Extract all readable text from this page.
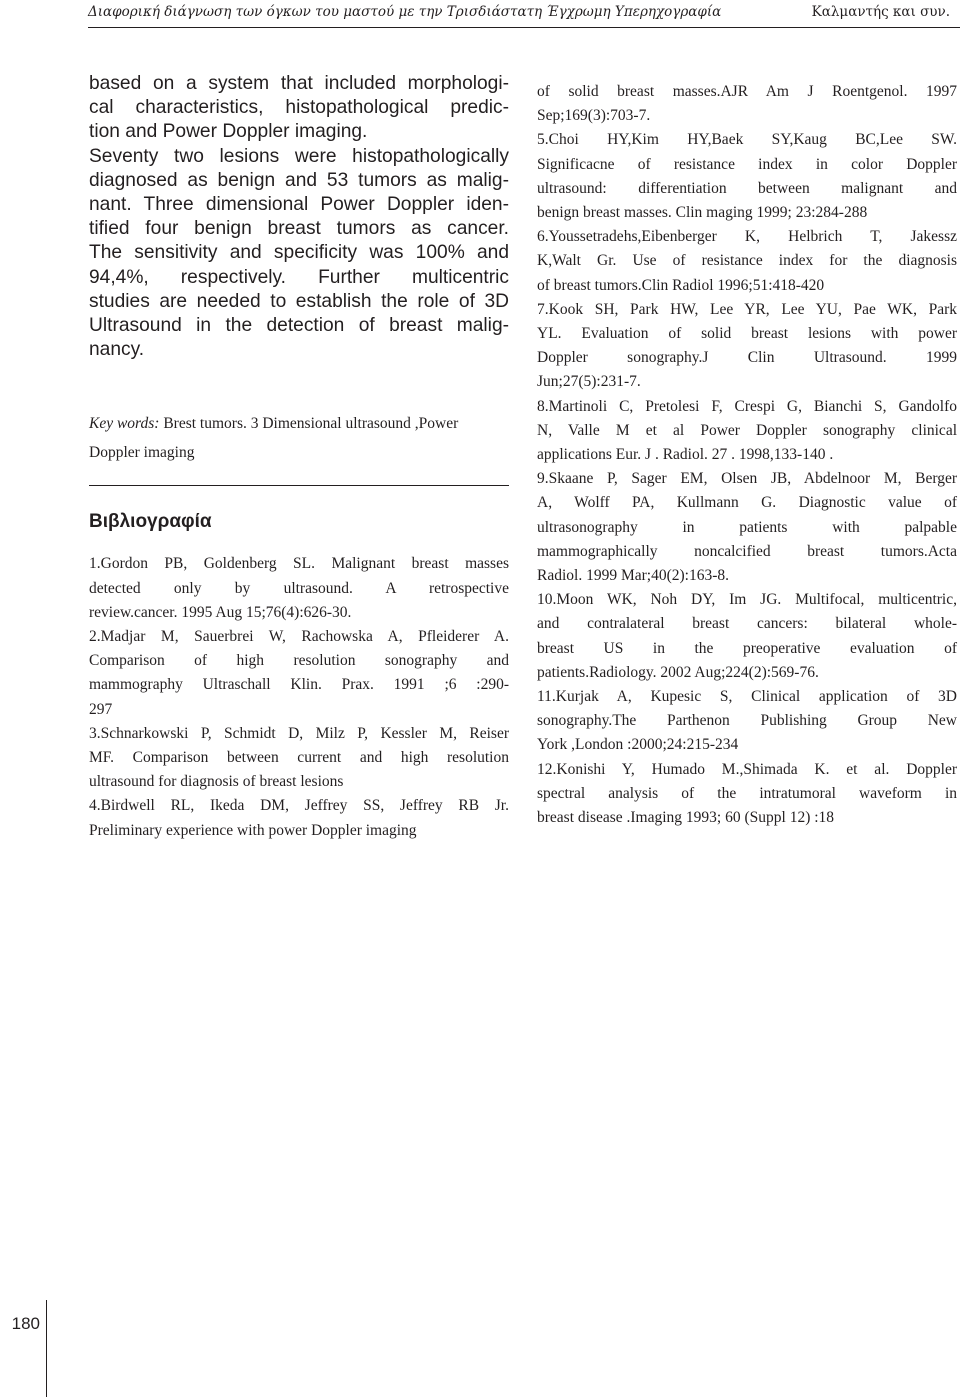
Διαφορική διάγνωση των όγκων του μαστού με την Τρισδιάστατη Έγχρωμη Υπερηχογραφία	Καλμαντής και συν.

based on a system that included morphologi-
cal characteristics, histopathological predic-
tion and Power Doppler imaging.
Seventy two lesions were histopathologically
diagnosed as benign and 53 tumors as malig-
nant. Three dimensional Power Doppler iden-
tified four benign breast tumors as cancer.
The sensitivity and specificity was 100% and
94,4%, respectively. Further multicentric
studies are needed to establish the role of 3D
Ultrasound in the detection of breast malig-
nancy.

Key words: Brest tumors. 3 Dimensional ultrasound ,Power Doppler imaging

Βιβλιογραφία
1.Gordon PB, Goldenberg SL. Malignant breast masses
detected only by ultrasound. A retrospective
review.cancer. 1995 Aug 15;76(4):626-30.
2.Madjar M, Sauerbrei W, Rachowska A, Pfleiderer A.
Comparison of high resolution sonography and
mammography Ultraschall Klin. Prax. 1991 ;6 :290-
297
3.Schnarkowski P, Schmidt D, Milz P, Kessler M, Reiser
MF. Comparison between current and high resolution
ultrasound for diagnosis of breast lesions
4.Birdwell RL, Ikeda DM, Jeffrey SS, Jeffrey RB Jr.
Preliminary experience with power Doppler imaging
of solid breast masses.AJR Am J Roentgenol. 1997
Sep;169(3):703-7.
5.Choi HY,Kim HY,Baek SY,Kaug BC,Lee SW.
Significacne of resistance index in color Doppler
ultrasound: differentiation between malignant and
benign breast masses. Clin maging 1999; 23:284-288
6.Youssetradehs,Eibenberger K, Helbrich T, Jakessz
K,Walt Gr. Use of resistance index for the diagnosis
of breast tumors.Clin Radiol 1996;51:418-420
7.Kook SH, Park HW, Lee YR, Lee YU, Pae WK, Park
YL. Evaluation of solid breast lesions with power
Doppler sonography.J Clin Ultrasound. 1999
Jun;27(5):231-7.
8.Martinoli C, Pretolesi F, Crespi G, Bianchi S, Gandolfo
N, Valle M et al Power Doppler sonography clinical
applications Eur. J . Radiol. 27 . 1998,133-140 .
9.Skaane P, Sager EM, Olsen JB, Abdelnoor M, Berger
A, Wolff PA, Kullmann G. Diagnostic value of
ultrasonography in patients with palpable
mammographically noncalcified breast tumors.Acta
Radiol. 1999 Mar;40(2):163-8.
10.Moon WK, Noh DY, Im JG. Multifocal, multicentric,
and contralateral breast cancers: bilateral whole-
breast US in the preoperative evaluation of
patients.Radiology. 2002 Aug;224(2):569-76.
11.Kurjak A, Kupesic S, Clinical application of 3D
sonography.The Parthenon Publishing Group New
York ,London :2000;24:215-234
12.Konishi Y, Humado M.,Shimada K. et al. Doppler
spectral analysis of the intratumoral waveform in
breast disease .Imaging 1993; 60 (Suppl 12) :18
180
